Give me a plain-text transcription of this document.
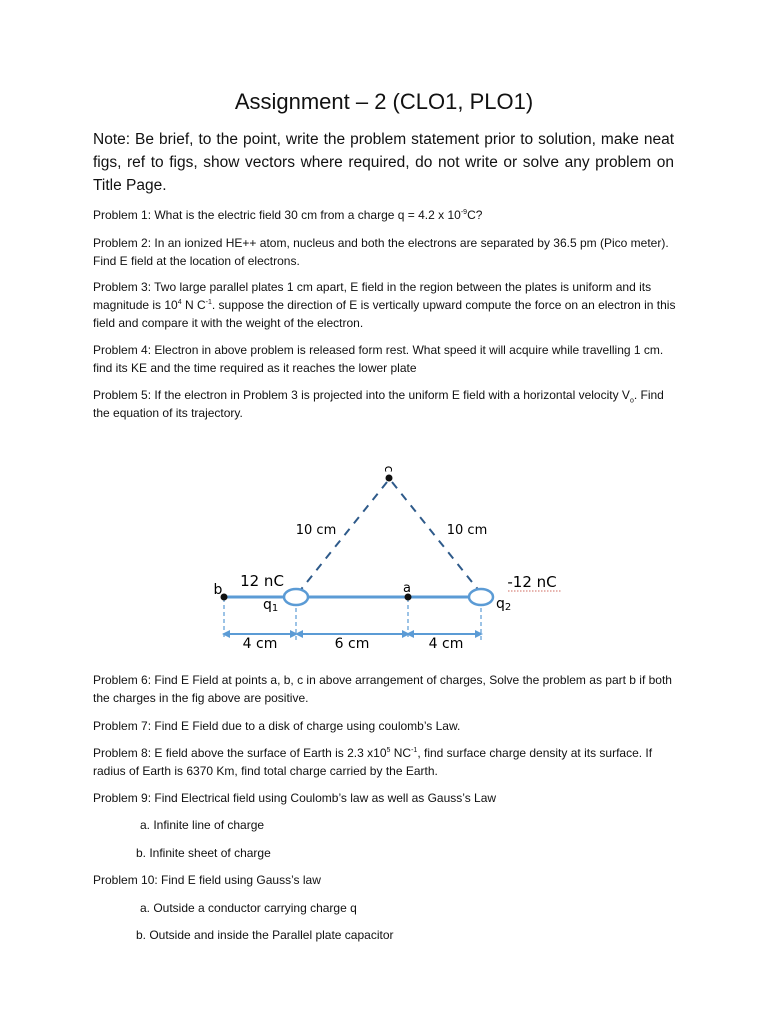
Assignment – 2 (CLO1, PLO1)
Note: Be brief, to the point, write the problem statement prior to solution, make neat figs, ref to figs, show vectors where required, do not write or solve any problem on Title Page.
Problem 1: What is the electric field 30 cm from a charge q = 4.2 x $10^{-9}C$?
Problem 2: In an ionized HE++ atom, nucleus and both the electrons are separated by 36.5 pm (Pico meter). Find E field at the location of electrons.
Problem 3: Two large parallel plates 1 cm apart, E field in the region between the plates is uniform and its magnitude is $10^4$ N $C^{-1}$. suppose the direction of E is vertically upward compute the force on an electron in this field and compare it with the weight of the electron.
Problem 4: Electron in above problem is released form rest. What speed it will acquire while travelling 1 cm. find its KE and the time required as it reaches the lower plate
Problem 5: If the electron in Problem 3 is projected into the uniform E field with a horizontal velocity $V_o$. Find the equation of its trajectory.
c
a
b
10 cm	10 cm
12 nC	-12 nC
q1	q2
4 cm	6 cm	4 cm
Problem 6: Find E Field at points a, b, c in above arrangement of charges, Solve the problem as part b if both the charges in the fig above are positive.
Problem 7: Find E Field due to a disk of charge using coulomb’s Law.
Problem 8: E field above the surface of Earth is 2.3 $x10^5$ $NC^{-1}$, find surface charge density at its surface. If radius of Earth is 6370 Km, find total charge carried by the Earth.
Problem 9: Find Electrical field using Coulomb’s law as well as Gauss’s Law
a. Infinite line of charge
b. Infinite sheet of charge
Problem 10: Find E field using Gauss’s law
a. Outside a conductor carrying charge q
b. Outside and inside the Parallel plate capacitor
